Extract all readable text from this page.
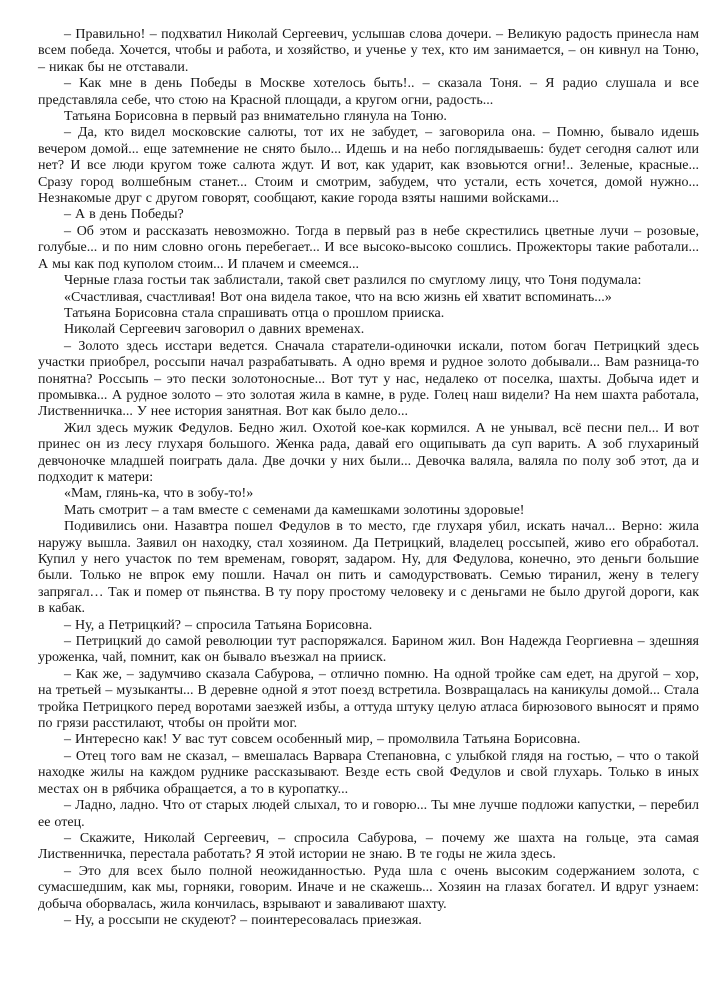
– Правильно! – подхватил Николай Сергеевич, услышав слова дочери. – Великую радость принесла нам всем победа. Хочется, чтобы и работа, и хозяйство, и ученье у тех, кто им занимается, – он кивнул на Тоню, – никак бы не отставали.

– Как мне в день Победы в Москве хотелось быть!.. – сказала Тоня. – Я радио слушала и все представляла себе, что стою на Красной площади, а кругом огни, радость...

Татьяна Борисовна в первый раз внимательно глянула на Тоню.

– Да, кто видел московские салюты, тот их не забудет, – заговорила она. – Помню, бывало идешь вечером домой... еще затемнение не снято было... Идешь и на небо поглядываешь: будет сегодня салют или нет? И все люди кругом тоже салюта ждут. И вот, как ударит, как взовьются огни!.. Зеленые, красные... Сразу город волшебным станет... Стоим и смотрим, забудем, что устали, есть хочется, домой нужно... Незнакомые друг с другом говорят, сообщают, какие города взяты нашими войсками...

– А в день Победы?

– Об этом и рассказать невозможно. Тогда в первый раз в небе скрестились цветные лучи – розовые, голубые... и по ним словно огонь перебегает... И все высоко-высоко сошлись. Прожекторы такие работали... А мы как под куполом стоим... И плачем и смеемся...

Черные глаза гостьи так заблистали, такой свет разлился по смуглому лицу, что Тоня подумала:

«Счастливая, счастливая! Вот она видела такое, что на всю жизнь ей хватит вспоминать...»

Татьяна Борисовна стала спрашивать отца о прошлом прииска.

Николай Сергеевич заговорил о давних временах.

– Золото здесь исстари ведется. Сначала старатели-одиночки искали, потом богач Петрицкий здесь участки приобрел, россыпи начал разрабатывать. А одно время и рудное золото добывали... Вам разница-то понятна? Россыпь – это пески золотоносные... Вот тут у нас, недалеко от поселка, шахты. Добыча идет и промывка... А рудное золото – это золотая жила в камне, в руде. Голец наш видели? На нем шахта работала, Лиственничка... У нее история занятная. Вот как было дело...

Жил здесь мужик Федулов. Бедно жил. Охотой кое-как кормился. А не унывал, всё песни пел... И вот принес он из лесу глухаря большого. Женка рада, давай его ощипывать да суп варить. А зоб глухариный девчоночке младшей поиграть дала. Две дочки у них были... Девочка валяла, валяла по полу зоб этот, да и подходит к матери:

«Мам, глянь-ка, что в зобу-то!»

Мать смотрит – а там вместе с семенами да камешками золотины здоровые!

Подивились они. Назавтра пошел Федулов в то место, где глухаря убил, искать начал... Верно: жила наружу вышла. Заявил он находку, стал хозяином. Да Петрицкий, владелец россыпей, живо его обработал. Купил у него участок по тем временам, говорят, задаром. Ну, для Федулова, конечно, это деньги большие были. Только не впрок ему пошли. Начал он пить и самодурствовать. Семью тиранил, жену в телегу запрягал… Так и помер от пьянства. В ту пору простому человеку и с деньгами не было другой дороги, как в кабак.

– Ну, а Петрицкий? – спросила Татьяна Борисовна.

– Петрицкий до самой революции тут распоряжался. Барином жил. Вон Надежда Георгиевна – здешняя уроженка, чай, помнит, как он бывало въезжал на прииск.

– Как же, – задумчиво сказала Сабурова, – отлично помню. На одной тройке сам едет, на другой – хор, на третьей – музыканты... В деревне одной я этот поезд встретила. Возвращалась на каникулы домой... Стала тройка Петрицкого перед воротами заезжей избы, а оттуда штуку целую атласа бирюзового выносят и прямо по грязи расстилают, чтобы он пройти мог.

– Интересно как! У вас тут совсем особенный мир, – промолвила Татьяна Борисовна.

– Отец того вам не сказал, – вмешалась Варвара Степановна, с улыбкой глядя на гостью, – что о такой находке жилы на каждом руднике рассказывают. Везде есть свой Федулов и свой глухарь. Только в иных местах он в рябчика обращается, а то в куропатку...

– Ладно, ладно. Что от старых людей слыхал, то и говорю... Ты мне лучше подложи капустки, – перебил ее отец.

– Скажите, Николай Сергеевич, – спросила Сабурова, – почему же шахта на гольце, эта самая Лиственничка, перестала работать? Я этой истории не знаю. В те годы не жила здесь.

– Это для всех было полной неожиданностью. Руда шла с очень высоким содержанием золота, с сумасшедшим, как мы, горняки, говорим. Иначе и не скажешь... Хозяин на глазах богател. И вдруг узнаем: добыча оборвалась, жила кончилась, взрывают и заваливают шахту.

– Ну, а россыпи не скудеют? – поинтересовалась приезжая.
